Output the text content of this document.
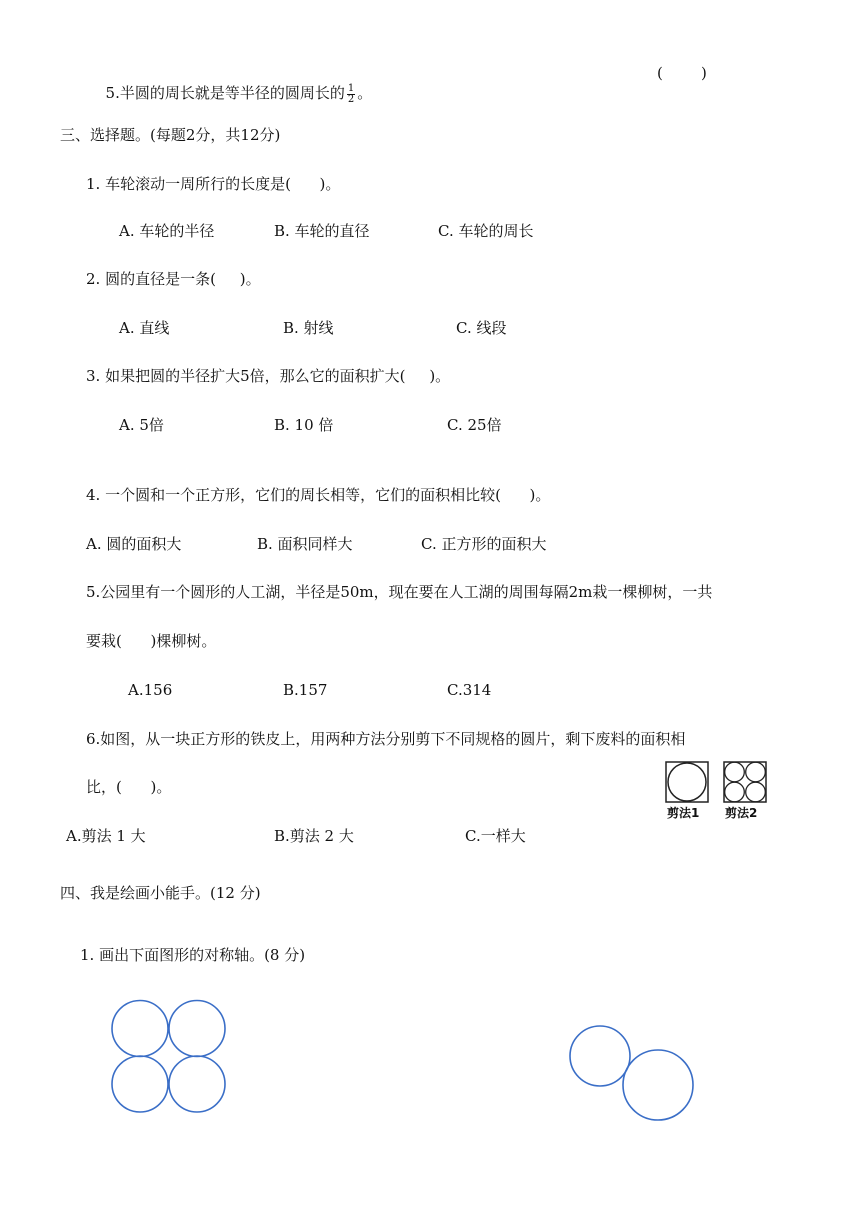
5.半圆的周长就是等半径的圆周长的 $\frac{1}{2}$ 。

(        )
三、选择题。(每题2分，共12分)
1. 车轮滚动一周所行的长度是(      )。
A. 车轮的半径	B. 车轮的直径	C. 车轮的周长
2. 圆的直径是一条(     )。
A. 直线	B. 射线	C. 线段
3. 如果把圆的半径扩大5倍，那么它的面积扩大(     )。
A. 5倍	B. 10 倍	C. 25倍
4. 一个圆和一个正方形，它们的周长相等，它们的面积相比较(      )。
A. 圆的面积大	B. 面积同样大	C. 正方形的面积大
5.公园里有一个圆形的人工湖，半径是50m，现在要在人工湖的周围每隔2m栽一棵柳树，一共
要栽(      )棵柳树。
A.156	B.157	C.314
6.如图，从一块正方形的铁皮上，用两种方法分别剪下不同规格的圆片，剩下废料的面积相
比，(      )。
剪法1 剪法2
A.剪法 1 大	B.剪法 2 大	C.一样大
四、我是绘画小能手。(12 分)
1. 画出下面图形的对称轴。(8 分)
